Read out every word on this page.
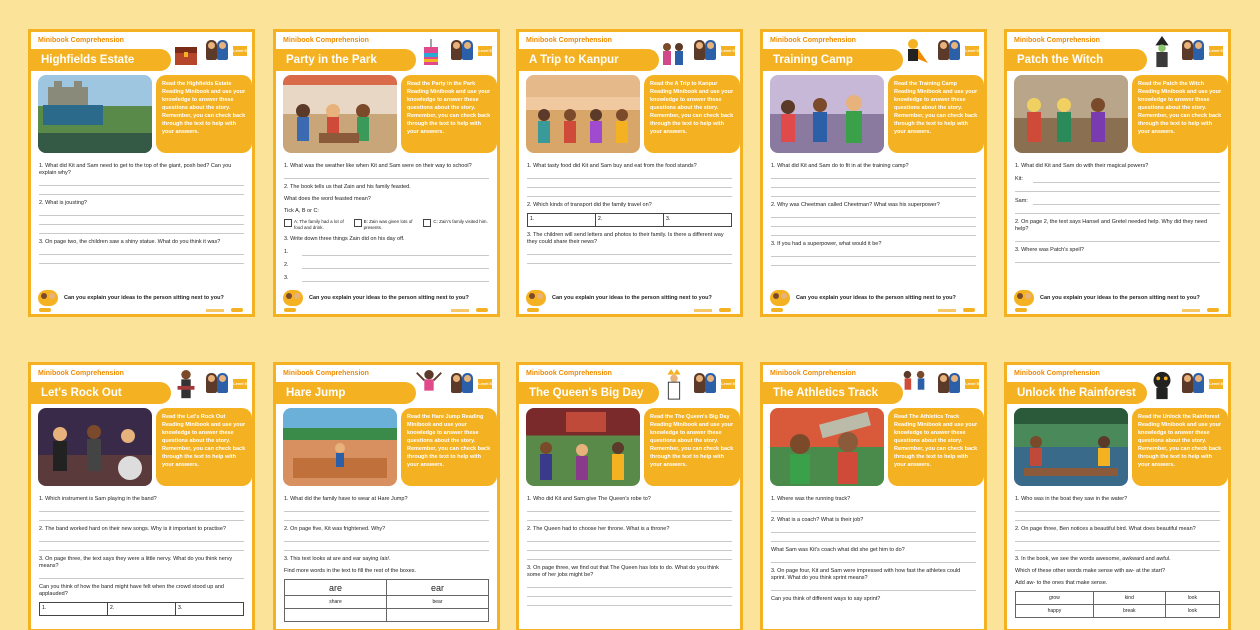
Minibook Comprehension
Level 5
Highfields Estate
Read the Highfields Estate Reading Minibook and use your knowledge to answer these questions about the story. Remember, you can check back through the text to help with your answers.
1. What did Kit and Sam need to get to the top of the giant, posh bed? Can you explain why?
2. What is jousting?
3. On page two, the children saw a shiny statue. What do you think it was?
Can you explain your ideas to the person sitting next to you?
Minibook Comprehension
Level 5
Party in the Park
Read the Party in the Park Reading Minibook and use your knowledge to answer these questions about the story. Remember, you can check back through the text to help with your answers.
1. What was the weather like when Kit and Sam were on their way to school?
2. The book tells us that Zain and his family feasted.
What does the word feasted mean?
Tick A, B or C:
A: The family had a lot of food and drink.
B: Zain was given lots of presents.
C: Zain's family visited him.
3. Write down three things Zain did on his day off.
1.
2.
3.
Can you explain your ideas to the person sitting next to you?
Minibook Comprehension
Level 5
A Trip to Kanpur
Read the A Trip to Kanpur Reading Minibook and use your knowledge to answer these questions about the story. Remember, you can check back through the text to help with your answers.
1. What tasty food did Kit and Sam buy and eat from the food stands?
2. Which kinds of transport did the family travel on?
1.	2.	3.
3. The children will send letters and photos to their family. Is there a different way they could share their news?
Can you explain your ideas to the person sitting next to you?
Minibook Comprehension
Level 5
Training Camp
Read the Training Camp Reading Minibook and use your knowledge to answer these questions about the story. Remember, you can check back through the text to help with your answers.
1. What did Kit and Sam do to fit in at the training camp?
2. Why was Cheetman called Cheetman? What was his superpower?
3. If you had a superpower, what would it be?
Can you explain your ideas to the person sitting next to you?
Minibook Comprehension
Level 5
Patch the Witch
Read the Patch the Witch Reading Minibook and use your knowledge to answer these questions about the story. Remember, you can check back through the text to help with your answers.
1. What did Kit and Sam do with their magical powers?
Kit:
Sam:
2. On page 2, the text says Hansel and Gretel needed help. Why did they need help?
3. Where was Patch's spell?
Can you explain your ideas to the person sitting next to you?
Minibook Comprehension
Level 5
Let's Rock Out
Read the Let's Rock Out Reading Minibook and use your knowledge to answer these questions about the story. Remember, you can check back through the text to help with your answers.
1. Which instrument is Sam playing in the band?
2. The band worked hard on their new songs. Why is it important to practise?
3. On page three, the text says they were a little nervy. What do you think nervy means?
Can you think of how the band might have felt when the crowd stood up and applauded?
1.	2.	3.
Minibook Comprehension
Level 5
Hare Jump
Read the Hare Jump Reading Minibook and use your knowledge to answer these questions about the story. Remember, you can check back through the text to help with your answers.
1. What did the family have to wear at Hare Jump?
2. On page five, Kit was frightened. Why?
3. This text looks at are and ear saying /air/.
Find more words in the text to fill the rest of the boxes.
are	ear
share	bear

Minibook Comprehension
Level 5
The Queen's Big Day
Read the The Queen's Big Day Reading Minibook and use your knowledge to answer these questions about the story. Remember, you can check back through the text to help with your answers.
1. Who did Kit and Sam give The Queen's robe to?
2. The Queen had to choose her throne. What is a throne?
3. On page three, we find out that The Queen has lots to do. What do you think some of her jobs might be?
Minibook Comprehension
Level 5
The Athletics Track
Read The Athletics Track Reading Minibook and use your knowledge to answer these questions about the story. Remember, you can check back through the text to help with your answers.
1. Where was the running track?
2. What is a coach? What is their job?
What Sam was Kit's coach what did she get him to do?
3. On page four, Kit and Sam were impressed with how fast the athletes could sprint. What do you think sprint means?
Can you think of different ways to say sprint?
Minibook Comprehension
Level 5
Unlock the Rainforest
Read the Unlock the Rainforest Reading Minibook and use your knowledge to answer these questions about the story. Remember, you can check back through the text to help with your answers.
1. Who was in the boat they saw in the water?
2. On page three, Ben notices a beautiful bird. What does beautiful mean?
3. In the book, we see the words awesome, awkward and awful.
Which of these other words make sense with aw- at the start?
Add aw- to the ones that make sense.
grow	kind	look
happy	break	look
